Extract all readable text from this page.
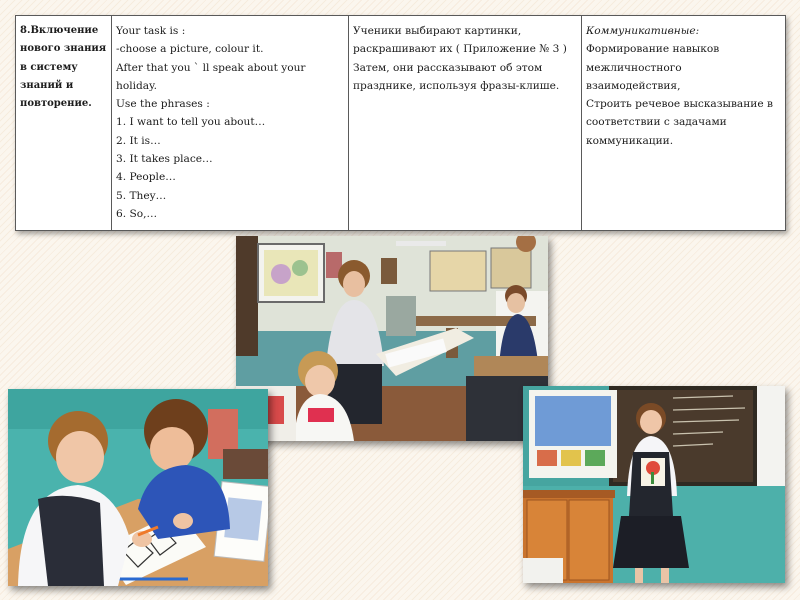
8.Включение
нового знания
в систему
знаний и
повторение.

Your task is :
-choose a picture, colour it.
After that you ` ll speak about your
holiday.
Use the phrases :
1. I want to tell you about…
2. It is…
3. It takes place…
4. People…
5. They…
6. So,…

Ученики выбирают картинки,
раскрашивают их ( Приложение № 3 )
Затем, они рассказывают об этом
празднике, используя фразы-клише.

Коммуникативные:
Формирование навыков
межличностного
взаимодействия,
Строить речевое высказывание в
соответствии с задачами
коммуникации.
